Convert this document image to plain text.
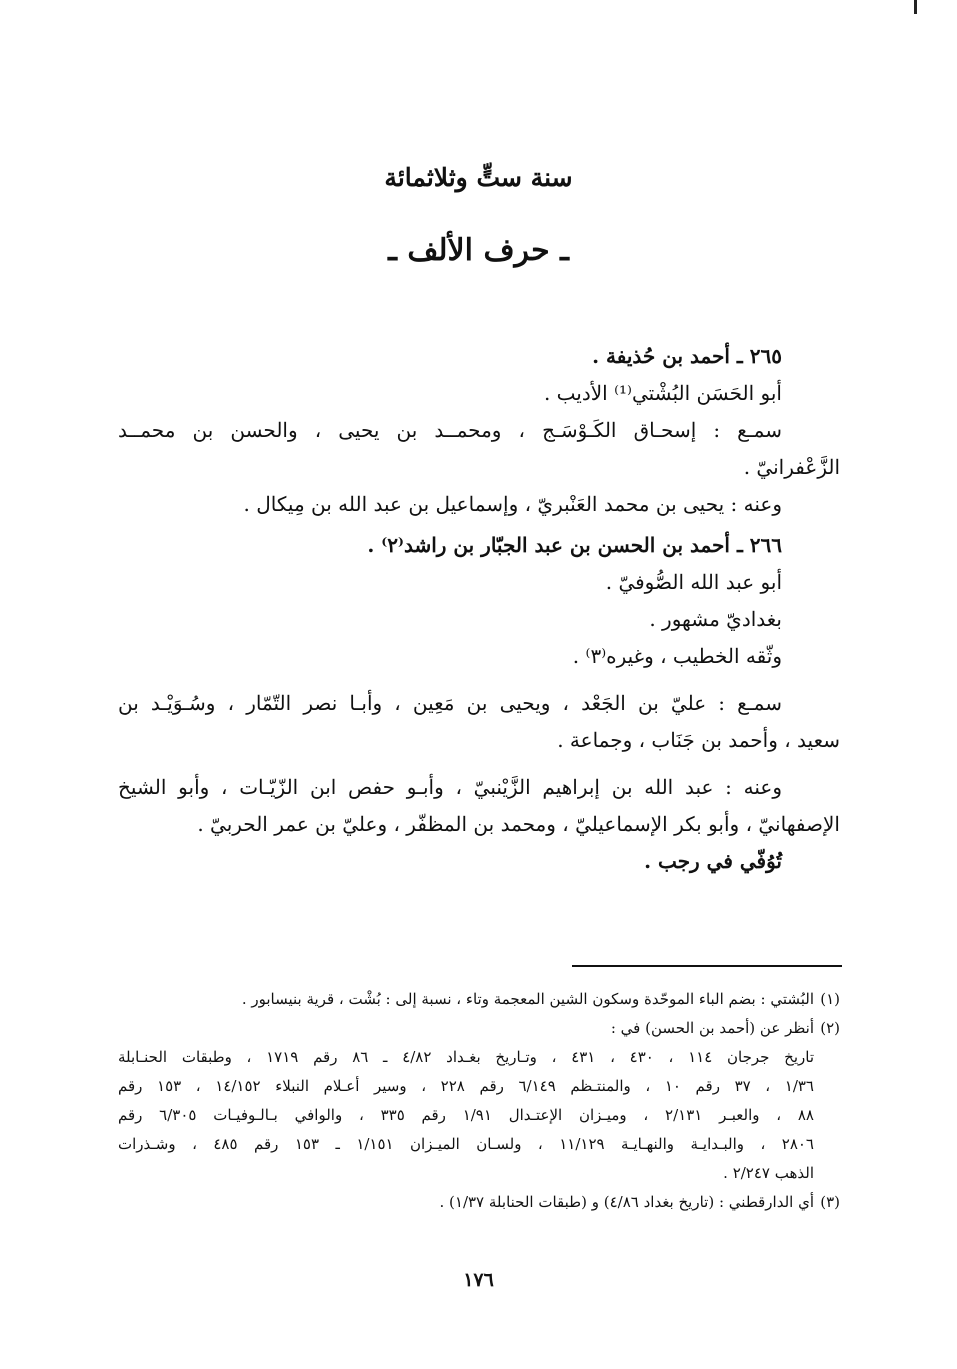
سنة ستٍّ وثلاثمائة
ـ حرف الألف ـ
٢٦٥ ـ أحمد بن حُذيفة .
أبو الحَسَن البُشْتي⁽¹⁾ الأديب .
سمـع : إسحـاق الكَـوْسَـج ، ومحمــد بن يحيى ، والحسن بن محمــد
الزَّعْفرانيّ .
وعنه : يحيى بن محمد العَنْبريّ ، وإسماعيل بن عبد الله بن مِيكال .
٢٦٦ ـ أحمد بن الحسن بن عبد الجبّار بن راشد⁽٢⁾ .
أبو عبد الله الصُّوفيّ .
بغداديّ مشهور .
وثّقه الخطيب ، وغيره⁽٣⁾ .
سمـع : عليّ بن الجَعْد ، ويحيى بن مَعِين ، وأبـا نصر التّمّار ، وسُـوَيْـد بن
سعيد ، وأحمد بن جَنَاب ، وجماعة .
وعنه : عبد الله بن إبراهيم الزَّيْنبيّ ، وأبـو حفص ابن الزّيّـات ، وأبو الشيخ
الإصفهانيّ ، وأبو بكر الإسماعيليّ ، ومحمد بن المظفّر ، وعليّ بن عمر الحربيّ .
تُوُفّي في رجب .
(١)البُشتي : بضم الباء الموحّدة وسكون الشين المعجمة وتاء ، نسبة إلى : بُشْت ، قرية بنيسابور .
(٢)أنظر عن (أحمد بن الحسن) في :
تاريخ جرجان ١١٤ ، ٤٣٠ ، ٤٣١ ، وتـاريخ بغـداد ٤/٨٢ ـ ٨٦ رقم ١٧١٩ ، وطبقات الحنـابلة
١/٣٦ ، ٣٧ رقم ١٠ ، والمنتـظم ٦/١٤٩ رقم ٢٢٨ ، وسير أعـلام النبلاء ١٤/١٥٢ ، ١٥٣ رقم
٨٨ ، والعبـر ٢/١٣١ ، وميـزان الإعتـدال ١/٩١ رقم ٣٣٥ ، والوافي بـالـوفيـات ٦/٣٠٥ رقم
٢٨٠٦ ، والبـدايـة والنهـايـة ١١/١٢٩ ، ولسـان الميـزان ١/١٥١ ـ ١٥٣ رقم ٤٨٥ ، وشـذرات
الذهب ٢/٢٤٧ .
(٣)أي الدارقطني : (تاريخ بغداد ٤/٨٦) و (طبقات الحنابلة ١/٣٧) .
١٧٦
